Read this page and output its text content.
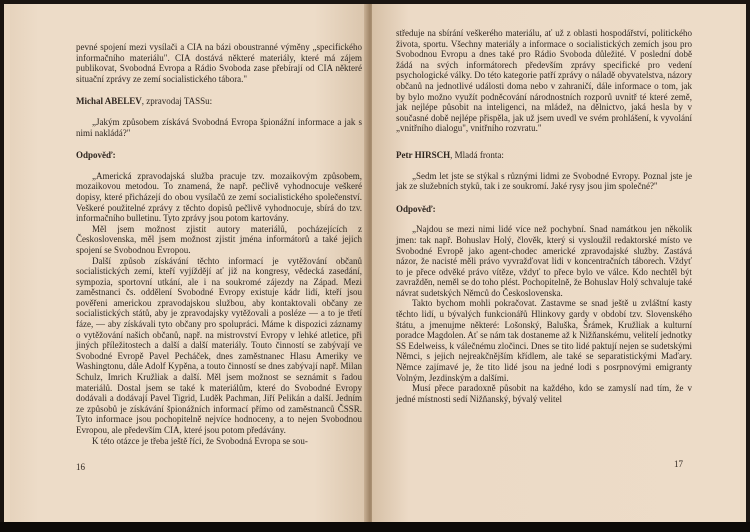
pevné spojení mezi vysílači a CIA na bázi oboustranné výměny „specifického informačního materiálu". CIA dostává některé materiály, které má zájem publikovat, Svobodná Evropa a Rádio Svoboda zase přebírají od CIA některé situační zprávy ze zemí socialistického tábora."

Michal ABELEV, zpravodaj TASSu:

„Jakým způsobem získává Svobodná Evropa špionážní informace a jak s nimi nakládá?"

Odpověď:

„Americká zpravodajská služba pracuje tzv. mozaikovým způsobem, mozaikovou metodou. To znamená, že např. pečlivě vyhodnocuje veškeré dopisy, které přicházejí do obou vysílačů ze zemí socialistického společenství. Veškeré použitelné zprávy z těchto dopisů pečlivě vyhodnocuje, sbírá do tzv. informačního bulletinu. Tyto zprávy jsou potom kartovány.

Měl jsem možnost zjistit autory materiálů, pocházejících z Československa, měl jsem možnost zjistit jména informátorů a také jejich spojení se Svobodnou Evropou.

Další způsob získávání těchto informací je vytěžování občanů socialistických zemí, kteří vyjíždějí ať již na kongresy, vědecká zasedání, sympozia, sportovní utkání, ale i na soukromé zájezdy na Západ. Mezi zaměstnanci čs. oddělení Svobodné Evropy existuje kádr lidí, kteří jsou pověřeni americkou zpravodajskou službou, aby kontaktovali občany ze socialistických států, aby je zpravodajsky vytěžovali a posléze — a to je třetí fáze, — aby získávali tyto občany pro spolupráci. Máme k dispozici záznamy o vytěžování našich občanů, např. na mistrovství Evropy v lehké atletice, při jiných příležitostech a další a další materiály. Touto činností se zabývají ve Svobodné Evropě Pavel Pecháček, dnes zaměstnanec Hlasu Ameriky ve Washingtonu, dále Adolf Kypěna, a touto činností se dnes zabývají např. Milan Schulz, Imrich Kružliak a další. Měl jsem možnost se seznámit s řadou materiálů. Dostal jsem se také k materiálům, které do Svobodné Evropy dodávali a dodávají Pavel Tigrid, Luděk Pachman, Jiří Pelikán a další. Jedním ze způsobů je získávání špionážních informací přímo od zaměstnanců ČSSR. Tyto informace jsou pochopitelně nejvíce hodnoceny, a to nejen Svobodnou Evropou, ale především CIA, které jsou potom předávány.

K této otázce je třeba ještě říci, že Svobodná Evropa se sou-

16

středuje na sbírání veškerého materiálu, ať už z oblasti hospodářství, politického života, sportu. Všechny materiály a informace o socialistických zemích jsou pro Svobodnou Evropu a dnes také pro Rádio Svoboda důležité. V poslední době žádá na svých informátorech především zprávy specifické pro vedení psychologické války. Do této kategorie patří zprávy o náladě obyvatelstva, názory občanů na jednotlivé události doma nebo v zahraničí, dále informace o tom, jak by bylo možno využít podněcování národnostních rozporů uvnitř té které země, jak nejlépe působit na inteligenci, na mládež, na dělnictvo, jaká hesla by v současné době nejlépe přispěla, jak už jsem uvedl ve svém prohlášení, k vyvolání „vnitřního dialogu", vnitřního rozvratu."

Petr HIRSCH, Mladá fronta:

„Sedm let jste se stýkal s různými lidmi ze Svobodné Evropy. Poznal jste je jak ze služebních styků, tak i ze soukromí. Jaké rysy jsou jim společné?"

Odpověď:

„Najdou se mezi nimi lidé více než pochybní. Snad namátkou jen několik jmen: tak např. Bohuslav Holý, člověk, který si vysloužil redaktorské místo ve Svobodné Evropě jako agent-chodec americké zpravodajské služby. Zastává názor, že nacisté měli právo vyvražďovat lidi v koncentračních táborech. Vždyť to je přece odvěké právo vítěze, vždyť to přece bylo ve válce. Kdo nechtěl být zavražděn, neměl se do toho plést. Pochopitelně, že Bohuslav Holý schvaluje také návrat sudetských Němců do Československa.

Takto bychom mohli pokračovat. Zastavme se snad ještě u zvláštní kasty těchto lidí, u bývalých funkcionářů Hlinkovy gardy v období tzv. Slovenského štátu, a jmenujme některé: Lošonský, Baluška, Šrámek, Kružliak a kulturní poradce Magdolen. Ať se nám tak dostaneme až k Nižňanskému, velitelí jednotky SS Edelweiss, k válečnému zločinci. Dnes se tito lidé paktují nejen se sudetskými Němci, s jejich nejreakčnějším křídlem, ale také se separatistickými Maďary. Němce zajímavé je, že tito lidé jsou na jedné lodi s posrpnovými emigranty Volným, Jezdinským a dalšími.

Musí přece paradoxně působit na každého, kdo se zamyslí nad tím, že v jedné místnosti sedí Nižňanský, bývalý velitel

17
